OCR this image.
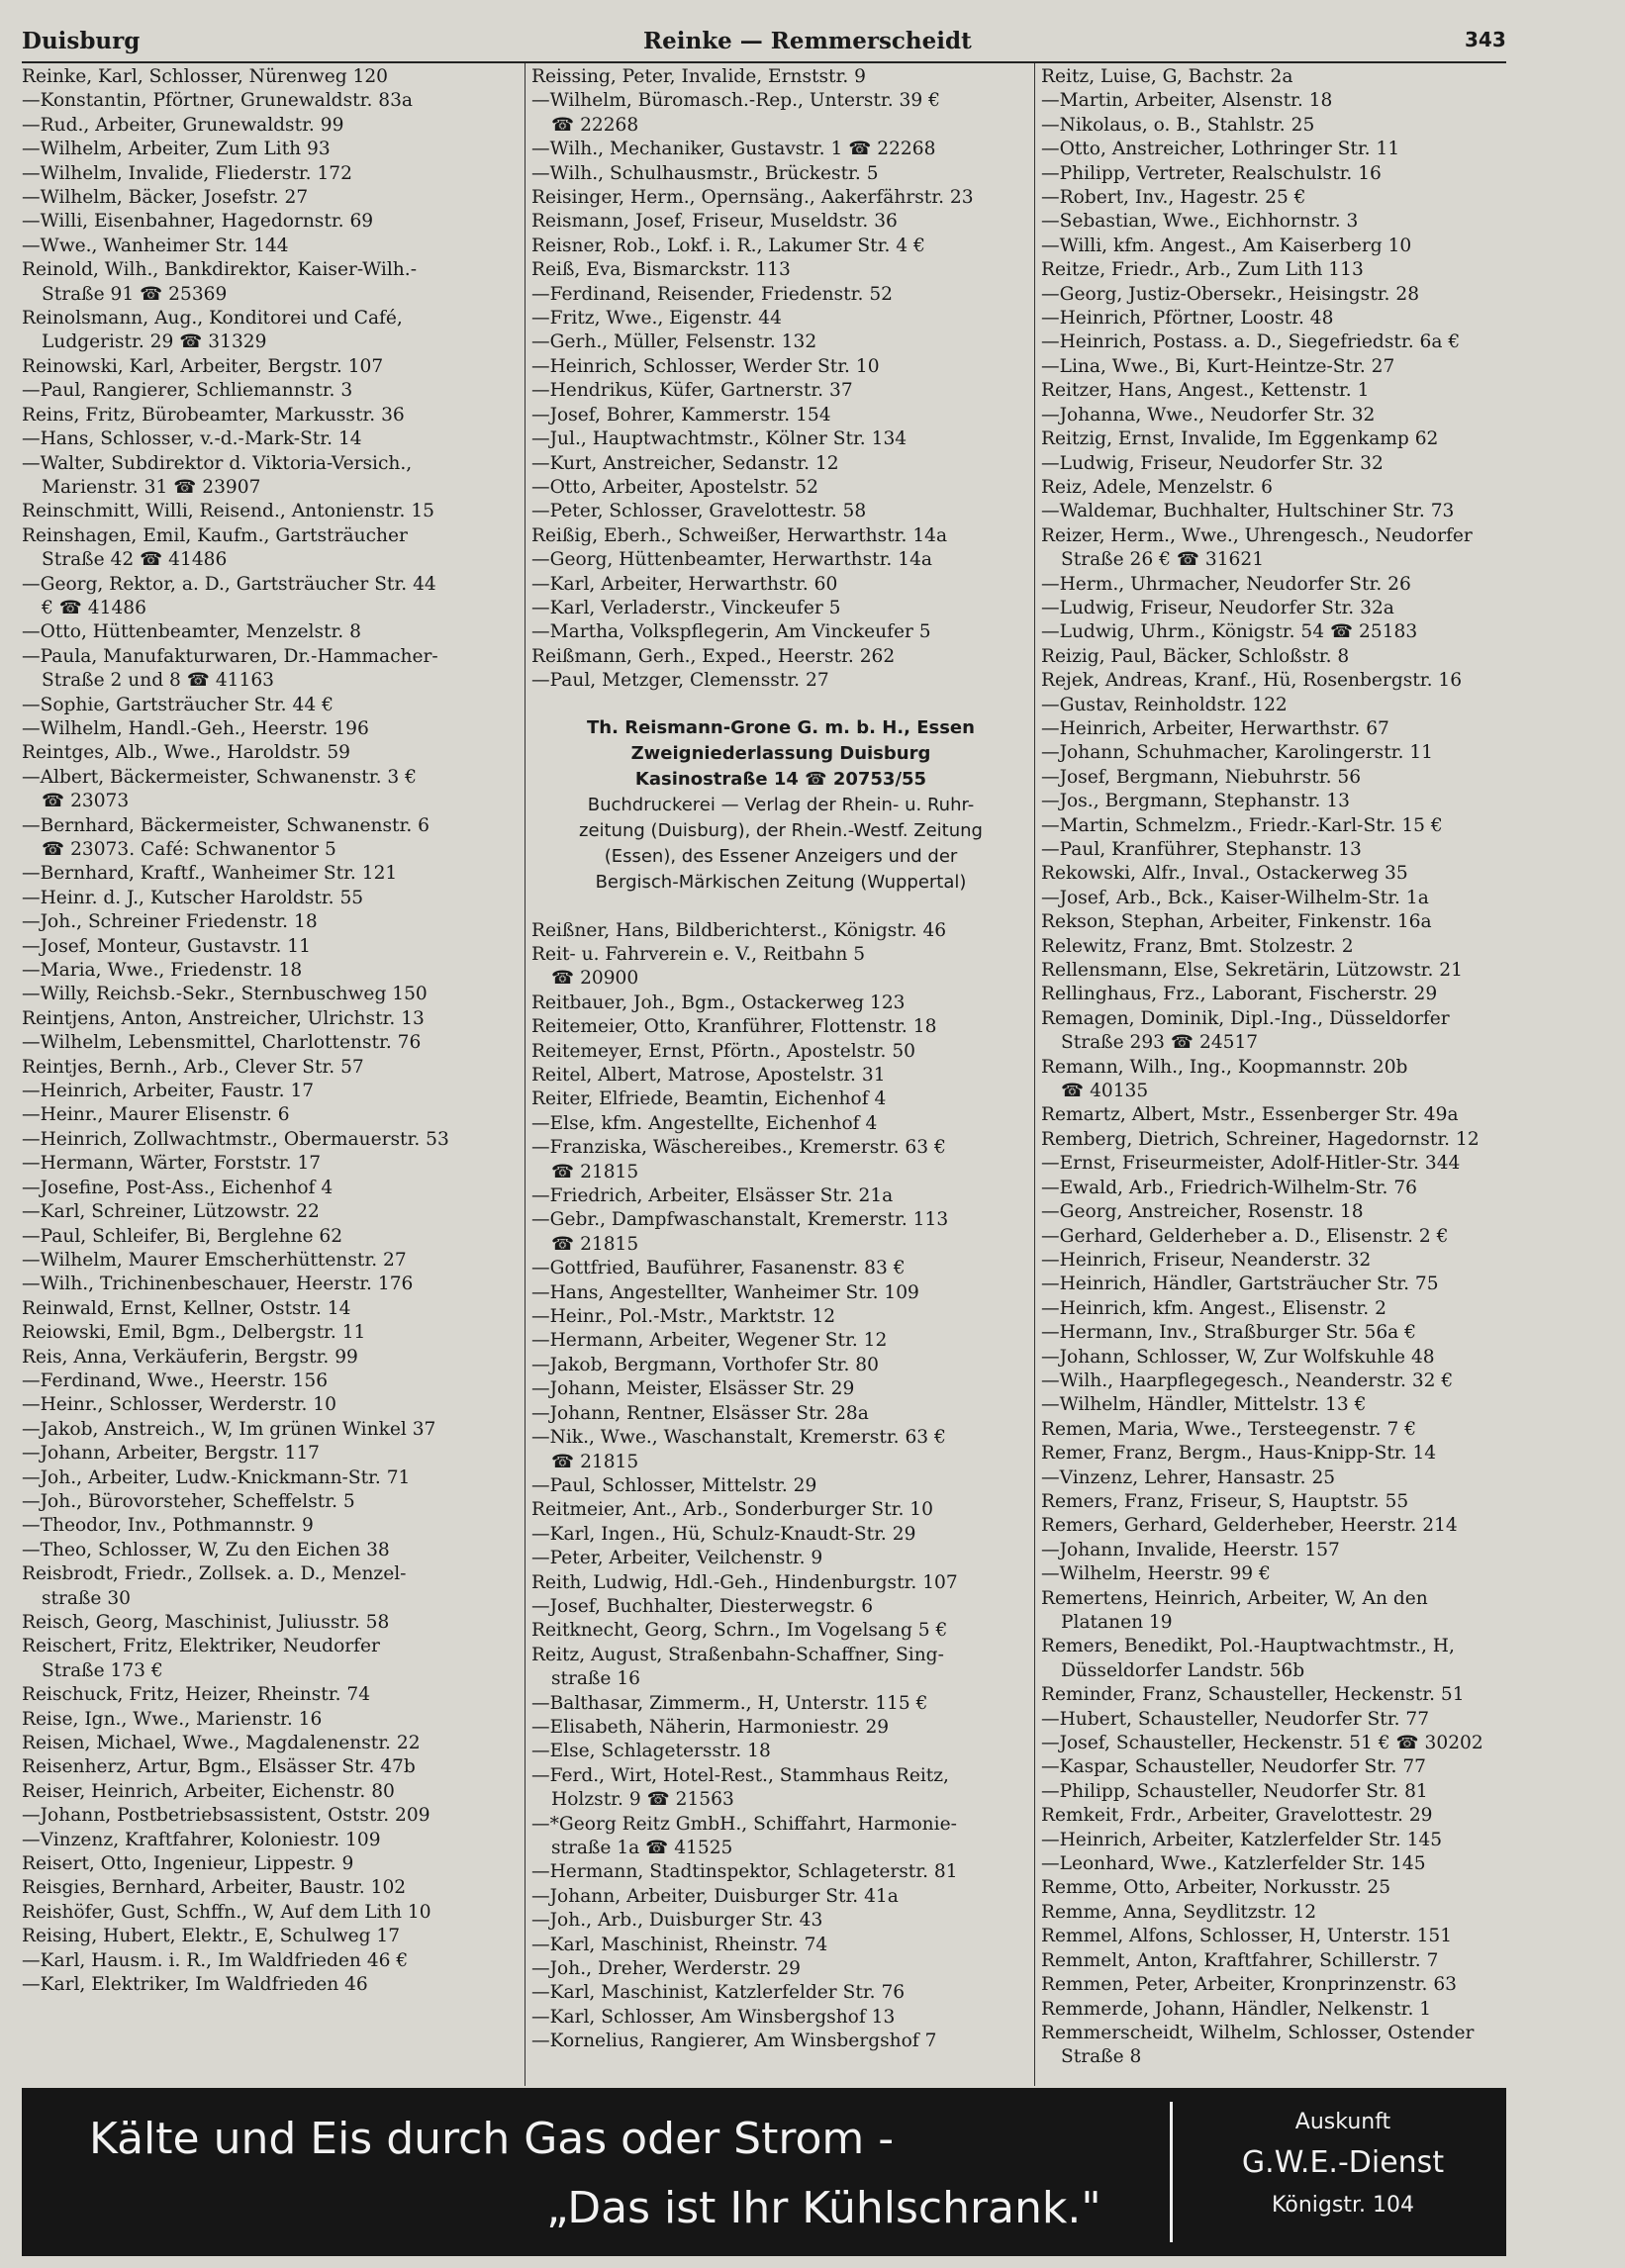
Duisburg	Reinke — Remmerscheidt	343
Reinke, Karl, Schlosser, Nürenweg 120
—Konstantin, Pförtner, Grunewaldstr. 83a
—Rud., Arbeiter, Grunewaldstr. 99
—Wilhelm, Arbeiter, Zum Lith 93
—Wilhelm, Invalide, Fliederstr. 172
—Wilhelm, Bäcker, Josefstr. 27
—Willi, Eisenbahner, Hagedornstr. 69
—Wwe., Wanheimer Str. 144
Reinold, Wilh., Bankdirektor, Kaiser-Wilh.-
Straße 91 ☎ 25369
Reinolsmann, Aug., Konditorei und Café,
Ludgeristr. 29 ☎ 31329
Reinowski, Karl, Arbeiter, Bergstr. 107
—Paul, Rangierer, Schliemannstr. 3
Reins, Fritz, Bürobeamter, Markusstr. 36
—Hans, Schlosser, v.-d.-Mark-Str. 14
—Walter, Subdirektor d. Viktoria-Versich.,
Marienstr. 31 ☎ 23907
Reinschmitt, Willi, Reisend., Antonienstr. 15
Reinshagen, Emil, Kaufm., Gartsträucher
Straße 42 ☎ 41486
—Georg, Rektor, a. D., Gartsträucher Str. 44
€ ☎ 41486
—Otto, Hüttenbeamter, Menzelstr. 8
—Paula, Manufakturwaren, Dr.-Hammacher-
Straße 2 und 8 ☎ 41163
—Sophie, Gartsträucher Str. 44 €
—Wilhelm, Handl.-Geh., Heerstr. 196
Reintges, Alb., Wwe., Haroldstr. 59
—Albert, Bäckermeister, Schwanenstr. 3 €
☎ 23073
—Bernhard, Bäckermeister, Schwanenstr. 6
☎ 23073. Café: Schwanentor 5
—Bernhard, Kraftf., Wanheimer Str. 121
—Heinr. d. J., Kutscher Haroldstr. 55
—Joh., Schreiner Friedenstr. 18
—Josef, Monteur, Gustavstr. 11
—Maria, Wwe., Friedenstr. 18
—Willy, Reichsb.-Sekr., Sternbuschweg 150
Reintjens, Anton, Anstreicher, Ulrichstr. 13
—Wilhelm, Lebensmittel, Charlottenstr. 76
Reintjes, Bernh., Arb., Clever Str. 57
—Heinrich, Arbeiter, Faustr. 17
—Heinr., Maurer Elisenstr. 6
—Heinrich, Zollwachtmstr., Obermauerstr. 53
—Hermann, Wärter, Forststr. 17
—Josefine, Post-Ass., Eichenhof 4
—Karl, Schreiner, Lützowstr. 22
—Paul, Schleifer, Bi, Berglehne 62
—Wilhelm, Maurer Emscherhüttenstr. 27
—Wilh., Trichinenbeschauer, Heerstr. 176
Reinwald, Ernst, Kellner, Oststr. 14
Reiowski, Emil, Bgm., Delbergstr. 11
Reis, Anna, Verkäuferin, Bergstr. 99
—Ferdinand, Wwe., Heerstr. 156
—Heinr., Schlosser, Werderstr. 10
—Jakob, Anstreich., W, Im grünen Winkel 37
—Johann, Arbeiter, Bergstr. 117
—Joh., Arbeiter, Ludw.-Knickmann-Str. 71
—Joh., Bürovorsteher, Scheffelstr. 5
—Theodor, Inv., Pothmannstr. 9
—Theo, Schlosser, W, Zu den Eichen 38
Reisbrodt, Friedr., Zollsek. a. D., Menzel-
straße 30
Reisch, Georg, Maschinist, Juliusstr. 58
Reischert, Fritz, Elektriker, Neudorfer
Straße 173 €
Reischuck, Fritz, Heizer, Rheinstr. 74
Reise, Ign., Wwe., Marienstr. 16
Reisen, Michael, Wwe., Magdalenenstr. 22
Reisenherz, Artur, Bgm., Elsässer Str. 47b
Reiser, Heinrich, Arbeiter, Eichenstr. 80
—Johann, Postbetriebsassistent, Oststr. 209
—Vinzenz, Kraftfahrer, Koloniestr. 109
Reisert, Otto, Ingenieur, Lippestr. 9
Reisgies, Bernhard, Arbeiter, Baustr. 102
Reishöfer, Gust, Schffn., W, Auf dem Lith 10
Reising, Hubert, Elektr., E, Schulweg 17
—Karl, Hausm. i. R., Im Waldfrieden 46 €
—Karl, Elektriker, Im Waldfrieden 46
Reissing, Peter, Invalide, Ernststr. 9
—Wilhelm, Büromasch.-Rep., Unterstr. 39 €
☎ 22268
—Wilh., Mechaniker, Gustavstr. 1 ☎ 22268
—Wilh., Schulhausmstr., Brückestr. 5
Reisinger, Herm., Opernsäng., Aakerfährstr. 23
Reismann, Josef, Friseur, Museldstr. 36
Reisner, Rob., Lokf. i. R., Lakumer Str. 4 €
Reiß, Eva, Bismarckstr. 113
—Ferdinand, Reisender, Friedenstr. 52
—Fritz, Wwe., Eigenstr. 44
—Gerh., Müller, Felsenstr. 132
—Heinrich, Schlosser, Werder Str. 10
—Hendrikus, Küfer, Gartnerstr. 37
—Josef, Bohrer, Kammerstr. 154
—Jul., Hauptwachtmstr., Kölner Str. 134
—Kurt, Anstreicher, Sedanstr. 12
—Otto, Arbeiter, Apostelstr. 52
—Peter, Schlosser, Gravelottestr. 58
Reißig, Eberh., Schweißer, Herwarthstr. 14a
—Georg, Hüttenbeamter, Herwarthstr. 14a
—Karl, Arbeiter, Herwarthstr. 60
—Karl, Verladerstr., Vinckeufer 5
—Martha, Volkspflegerin, Am Vinckeufer 5
Reißmann, Gerh., Exped., Heerstr. 262
—Paul, Metzger, Clemensstr. 27
Th. Reismann-Grone G. m. b. H., Essen
Zweigniederlassung Duisburg
Kasinostraße 14 ☎ 20753/55
Buchdruckerei — Verlag der Rhein- u. Ruhr-
zeitung (Duisburg), der Rhein.-Westf. Zeitung
(Essen), des Essener Anzeigers und der
Bergisch-Märkischen Zeitung (Wuppertal)
Reißner, Hans, Bildberichterst., Königstr. 46
Reit- u. Fahrverein e. V., Reitbahn 5
☎ 20900
Reitbauer, Joh., Bgm., Ostackerweg 123
Reitemeier, Otto, Kranführer, Flottenstr. 18
Reitemeyer, Ernst, Pförtn., Apostelstr. 50
Reitel, Albert, Matrose, Apostelstr. 31
Reiter, Elfriede, Beamtin, Eichenhof 4
—Else, kfm. Angestellte, Eichenhof 4
—Franziska, Wäschereibes., Kremerstr. 63 €
☎ 21815
—Friedrich, Arbeiter, Elsässer Str. 21a
—Gebr., Dampfwaschanstalt, Kremerstr. 113
☎ 21815
—Gottfried, Bauführer, Fasanenstr. 83 €
—Hans, Angestellter, Wanheimer Str. 109
—Heinr., Pol.-Mstr., Marktstr. 12
—Hermann, Arbeiter, Wegener Str. 12
—Jakob, Bergmann, Vorthofer Str. 80
—Johann, Meister, Elsässer Str. 29
—Johann, Rentner, Elsässer Str. 28a
—Nik., Wwe., Waschanstalt, Kremerstr. 63 €
☎ 21815
—Paul, Schlosser, Mittelstr. 29
Reitmeier, Ant., Arb., Sonderburger Str. 10
—Karl, Ingen., Hü, Schulz-Knaudt-Str. 29
—Peter, Arbeiter, Veilchenstr. 9
Reith, Ludwig, Hdl.-Geh., Hindenburgstr. 107
—Josef, Buchhalter, Diesterwegstr. 6
Reitknecht, Georg, Schrn., Im Vogelsang 5 €
Reitz, August, Straßenbahn-Schaffner, Sing-
straße 16
—Balthasar, Zimmerm., H, Unterstr. 115 €
—Elisabeth, Näherin, Harmoniestr. 29
—Else, Schlagetersstr. 18
—Ferd., Wirt, Hotel-Rest., Stammhaus Reitz,
Holzstr. 9 ☎ 21563
—*Georg Reitz GmbH., Schiffahrt, Harmonie-
straße 1a ☎ 41525
—Hermann, Stadtinspektor, Schlageterstr. 81
—Johann, Arbeiter, Duisburger Str. 41a
—Joh., Arb., Duisburger Str. 43
—Karl, Maschinist, Rheinstr. 74
—Joh., Dreher, Werderstr. 29
—Karl, Maschinist, Katzlerfelder Str. 76
—Karl, Schlosser, Am Winsbergshof 13
—Kornelius, Rangierer, Am Winsbergshof 7
Reitz, Luise, G, Bachstr. 2a
—Martin, Arbeiter, Alsenstr. 18
—Nikolaus, o. B., Stahlstr. 25
—Otto, Anstreicher, Lothringer Str. 11
—Philipp, Vertreter, Realschulstr. 16
—Robert, Inv., Hagestr. 25 €
—Sebastian, Wwe., Eichhornstr. 3
—Willi, kfm. Angest., Am Kaiserberg 10
Reitze, Friedr., Arb., Zum Lith 113
—Georg, Justiz-Obersekr., Heisingstr. 28
—Heinrich, Pförtner, Loostr. 48
—Heinrich, Postass. a. D., Siegefriedstr. 6a €
—Lina, Wwe., Bi, Kurt-Heintze-Str. 27
Reitzer, Hans, Angest., Kettenstr. 1
—Johanna, Wwe., Neudorfer Str. 32
Reitzig, Ernst, Invalide, Im Eggenkamp 62
—Ludwig, Friseur, Neudorfer Str. 32
Reiz, Adele, Menzelstr. 6
—Waldemar, Buchhalter, Hultschiner Str. 73
Reizer, Herm., Wwe., Uhrengesch., Neudorfer
Straße 26 € ☎ 31621
—Herm., Uhrmacher, Neudorfer Str. 26
—Ludwig, Friseur, Neudorfer Str. 32a
—Ludwig, Uhrm., Königstr. 54 ☎ 25183
Reizig, Paul, Bäcker, Schloßstr. 8
Rejek, Andreas, Kranf., Hü, Rosenbergstr. 16
—Gustav, Reinholdstr. 122
—Heinrich, Arbeiter, Herwarthstr. 67
—Johann, Schuhmacher, Karolingerstr. 11
—Josef, Bergmann, Niebuhrstr. 56
—Jos., Bergmann, Stephanstr. 13
—Martin, Schmelzm., Friedr.-Karl-Str. 15 €
—Paul, Kranführer, Stephanstr. 13
Rekowski, Alfr., Inval., Ostackerweg 35
—Josef, Arb., Bck., Kaiser-Wilhelm-Str. 1a
Rekson, Stephan, Arbeiter, Finkenstr. 16a
Relewitz, Franz, Bmt. Stolzestr. 2
Rellensmann, Else, Sekretärin, Lützowstr. 21
Rellinghaus, Frz., Laborant, Fischerstr. 29
Remagen, Dominik, Dipl.-Ing., Düsseldorfer
Straße 293 ☎ 24517
Remann, Wilh., Ing., Koopmannstr. 20b
☎ 40135
Remartz, Albert, Mstr., Essenberger Str. 49a
Remberg, Dietrich, Schreiner, Hagedornstr. 12
—Ernst, Friseurmeister, Adolf-Hitler-Str. 344
—Ewald, Arb., Friedrich-Wilhelm-Str. 76
—Georg, Anstreicher, Rosenstr. 18
—Gerhard, Gelderheber a. D., Elisenstr. 2 €
—Heinrich, Friseur, Neanderstr. 32
—Heinrich, Händler, Gartsträucher Str. 75
—Heinrich, kfm. Angest., Elisenstr. 2
—Hermann, Inv., Straßburger Str. 56a €
—Johann, Schlosser, W, Zur Wolfskuhle 48
—Wilh., Haarpflegegesch., Neanderstr. 32 €
—Wilhelm, Händler, Mittelstr. 13 €
Remen, Maria, Wwe., Tersteegenstr. 7 €
Remer, Franz, Bergm., Haus-Knipp-Str. 14
—Vinzenz, Lehrer, Hansastr. 25
Remers, Franz, Friseur, S, Hauptstr. 55
Remers, Gerhard, Gelderheber, Heerstr. 214
—Johann, Invalide, Heerstr. 157
—Wilhelm, Heerstr. 99 €
Remertens, Heinrich, Arbeiter, W, An den
Platanen 19
Remers, Benedikt, Pol.-Hauptwachtmstr., H,
Düsseldorfer Landstr. 56b
Reminder, Franz, Schausteller, Heckenstr. 51
—Hubert, Schausteller, Neudorfer Str. 77
—Josef, Schausteller, Heckenstr. 51 € ☎ 30202
—Kaspar, Schausteller, Neudorfer Str. 77
—Philipp, Schausteller, Neudorfer Str. 81
Remkeit, Frdr., Arbeiter, Gravelottestr. 29
—Heinrich, Arbeiter, Katzlerfelder Str. 145
—Leonhard, Wwe., Katzlerfelder Str. 145
Remme, Otto, Arbeiter, Norkusstr. 25
Remme, Anna, Seydlitzstr. 12
Remmel, Alfons, Schlosser, H, Unterstr. 151
Remmelt, Anton, Kraftfahrer, Schillerstr. 7
Remmen, Peter, Arbeiter, Kronprinzenstr. 63
Remmerde, Johann, Händler, Nelkenstr. 1
Remmerscheidt, Wilhelm, Schlosser, Ostender
Straße 8
Kälte und Eis durch Gas oder Strom -
„Das ist Ihr Kühlschrank."
Auskunft
G.W.E.-Dienst
Königstr. 104
